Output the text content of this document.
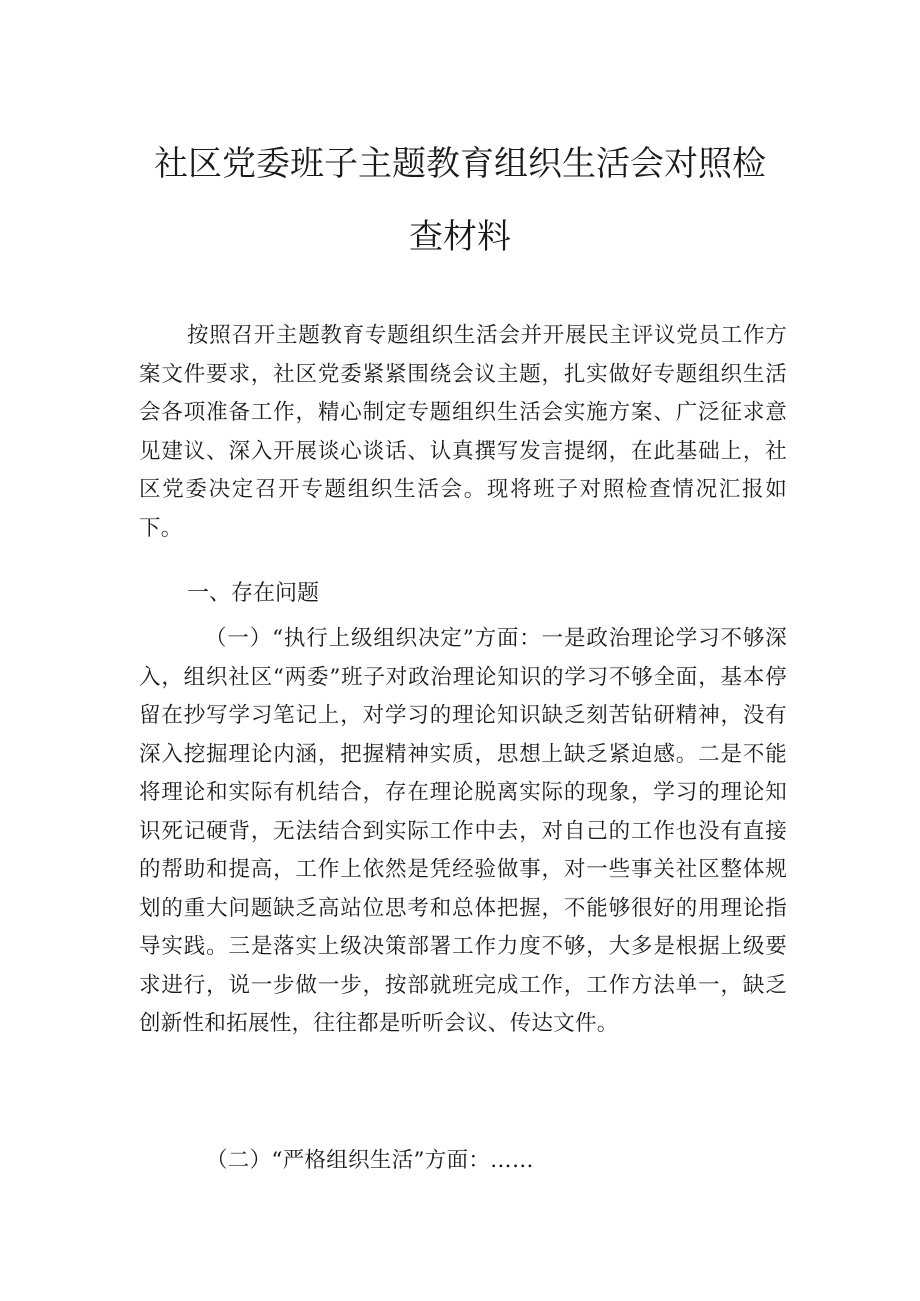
社区党委班子主题教育组织生活会对照检
查材料

按照召开主题教育专题组织生活会并开展民主评议党员工作方案文件要求，社区党委紧紧围绕会议主题，扎实做好专题组织生活会各项准备工作，精心制定专题组织生活会实施方案、广泛征求意见建议、深入开展谈心谈话、认真撰写发言提纲，在此基础上，社区党委决定召开专题组织生活会。现将班子对照检查情况汇报如下。

一、存在问题

（一）“执行上级组织决定”方面：一是政治理论学习不够深入，组织社区“两委”班子对政治理论知识的学习不够全面，基本停留在抄写学习笔记上，对学习的理论知识缺乏刻苦钻研精神，没有深入挖掘理论内涵，把握精神实质，思想上缺乏紧迫感。二是不能将理论和实际有机结合，存在理论脱离实际的现象，学习的理论知识死记硬背，无法结合到实际工作中去，对自己的工作也没有直接的帮助和提高，工作上依然是凭经验做事，对一些事关社区整体规划的重大问题缺乏高站位思考和总体把握，不能够很好的用理论指导实践。三是落实上级决策部署工作力度不够，大多是根据上级要求进行，说一步做一步，按部就班完成工作，工作方法单一，缺乏创新性和拓展性，往往都是听听会议、传达文件。

（二）“严格组织生活”方面：……
